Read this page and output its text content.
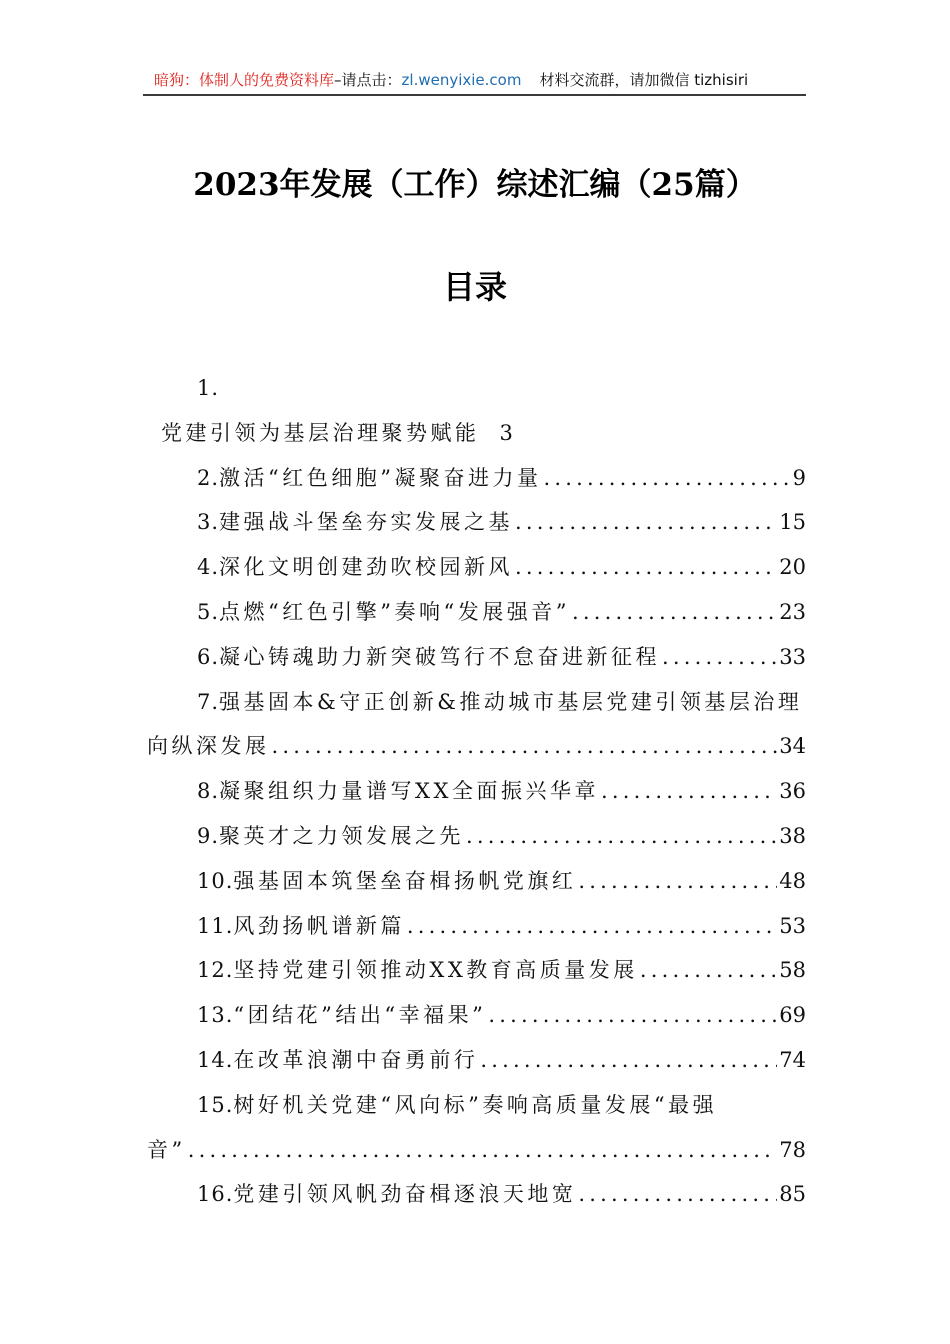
暗狗：体制人的免费资料库 –请点击： zl.wenyixie.com 材料交流群，请加微信 tizhisiri
2023年发展（工作）综述汇编（25篇）
目录
1.
党建引领为基层治理聚势赋能 3
2. 激活“红色细胞”凝聚奋进力量 .....	9
3. 建强战斗堡垒夯实发展之基 .....	15
4. 深化文明创建劲吹校园新风 .....	20
5. 点燃“红色引擎”奏响“发展强音” .....	23
6. 凝心铸魂助力新突破笃行不怠奋进新征程 .....	33
7. 强基固本&守正创新&推动城市基层党建引领基层治理
向纵深发展 .....	34
8. 凝聚组织力量谱写XX全面振兴华章 .....	36
9. 聚英才之力领发展之先 .....	38
10. 强基固本筑堡垒奋楫扬帆党旗红 .....	48
11. 风劲扬帆谱新篇 .....	53
12. 坚持党建引领推动XX教育高质量发展 .....	58
13. “团结花”结出“幸福果” .....	69
14. 在改革浪潮中奋勇前行 .....	74
15. 树好机关党建“风向标”奏响高质量发展“最强
音” .....	78
16. 党建引领风帆劲奋楫逐浪天地宽 .....	85
